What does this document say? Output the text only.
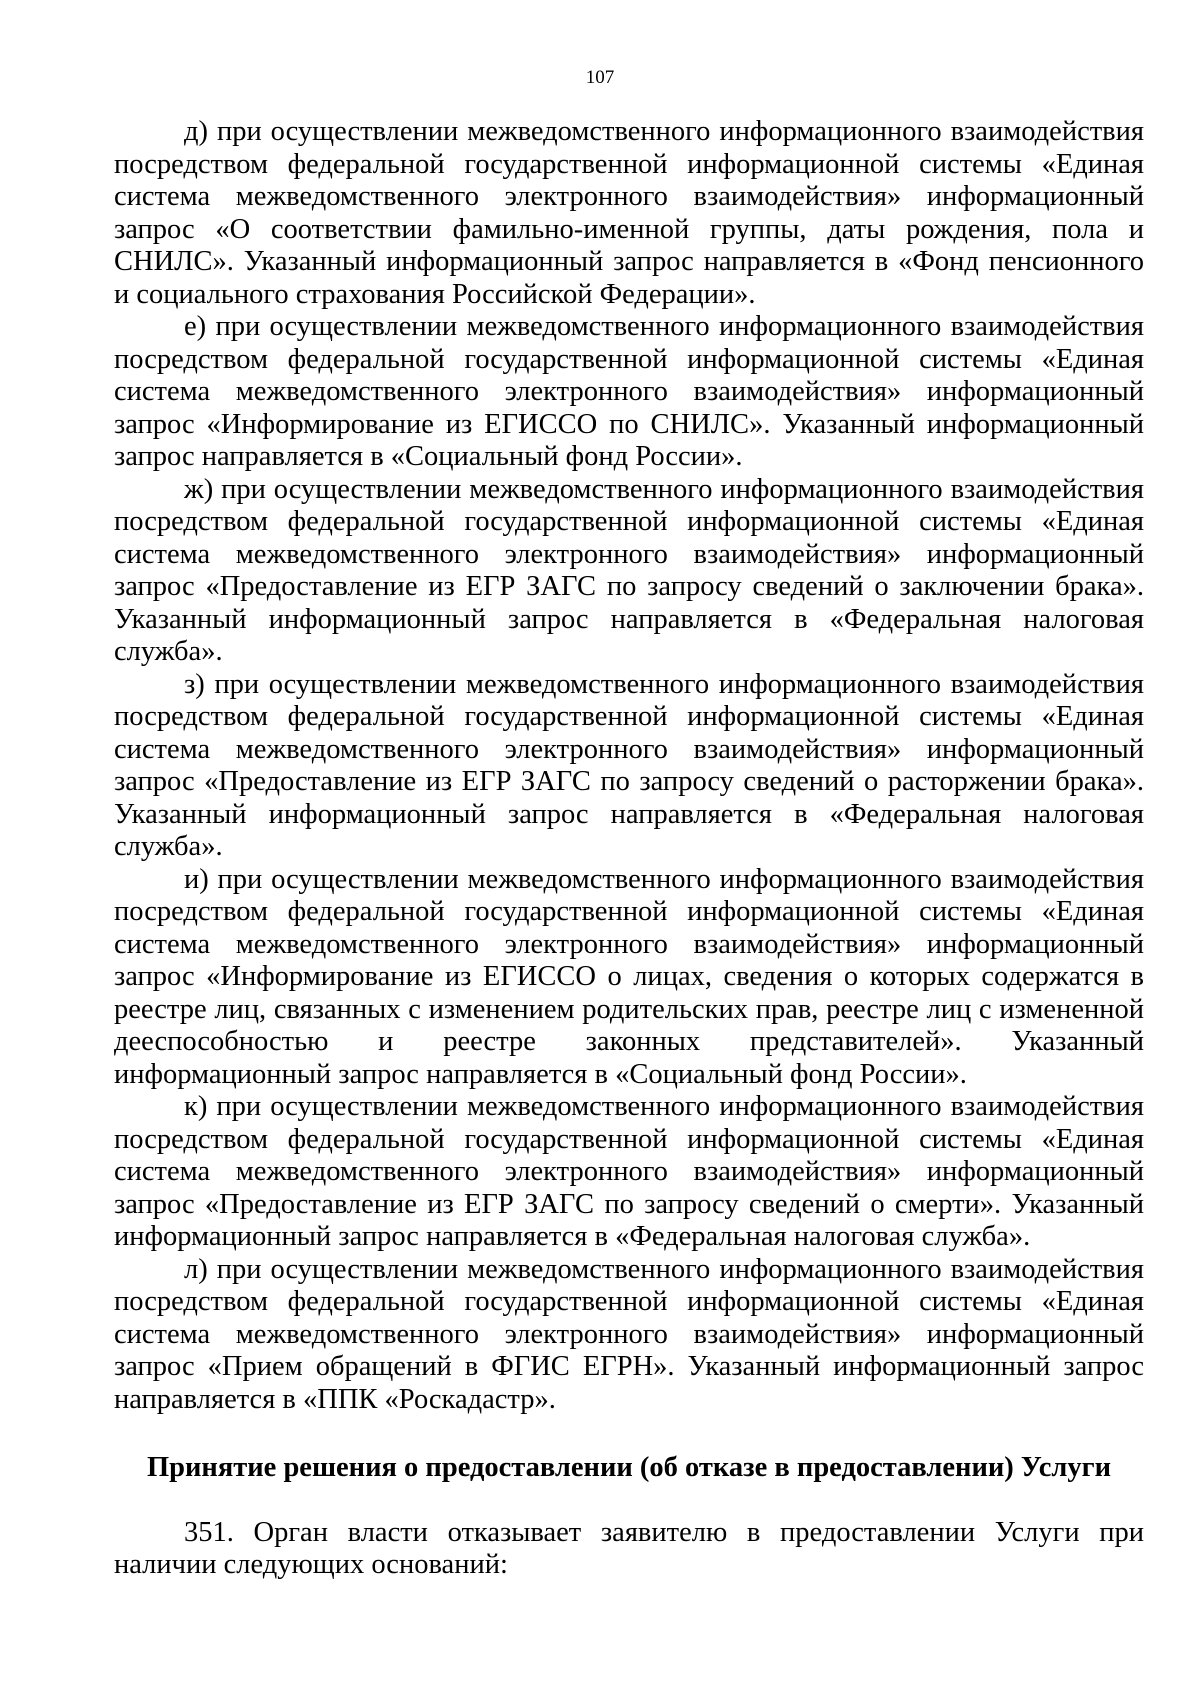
107

д) при осуществлении межведомственного информационного взаимодействия посредством федеральной государственной информационной системы «Единая система межведомственного электронного взаимодействия» информационный запрос «О соответствии фамильно-именной группы, даты рождения, пола и СНИЛС». Указанный информационный запрос направляется в «Фонд пенсионного и социального страхования Российской Федерации».

е) при осуществлении межведомственного информационного взаимодействия посредством федеральной государственной информационной системы «Единая система межведомственного электронного взаимодействия» информационный запрос «Информирование из ЕГИССО по СНИЛС». Указанный информационный запрос направляется в «Социальный фонд России».

ж) при осуществлении межведомственного информационного взаимодействия посредством федеральной государственной информационной системы «Единая система межведомственного электронного взаимодействия» информационный запрос «Предоставление из ЕГР ЗАГС по запросу сведений о заключении брака». Указанный информационный запрос направляется в «Федеральная налоговая служба».

з) при осуществлении межведомственного информационного взаимодействия посредством федеральной государственной информационной системы «Единая система межведомственного электронного взаимодействия» информационный запрос «Предоставление из ЕГР ЗАГС по запросу сведений о расторжении брака». Указанный информационный запрос направляется в «Федеральная налоговая служба».

и) при осуществлении межведомственного информационного взаимодействия посредством федеральной государственной информационной системы «Единая система межведомственного электронного взаимодействия» информационный запрос «Информирование из ЕГИССО о лицах, сведения о которых содержатся в реестре лиц, связанных с изменением родительских прав, реестре лиц с измененной дееспособностью и реестре законных представителей». Указанный информационный запрос направляется в «Социальный фонд России».

к) при осуществлении межведомственного информационного взаимодействия посредством федеральной государственной информационной системы «Единая система межведомственного электронного взаимодействия» информационный запрос «Предоставление из ЕГР ЗАГС по запросу сведений о смерти». Указанный информационный запрос направляется в «Федеральная налоговая служба».

л) при осуществлении межведомственного информационного взаимодействия посредством федеральной государственной информационной системы «Единая система межведомственного электронного взаимодействия» информационный запрос «Прием обращений в ФГИС ЕГРН». Указанный информационный запрос направляется в «ППК «Роскадастр».

Принятие решения о предоставлении (об отказе в предоставлении) Услуги

351. Орган власти отказывает заявителю в предоставлении Услуги при наличии следующих оснований:
